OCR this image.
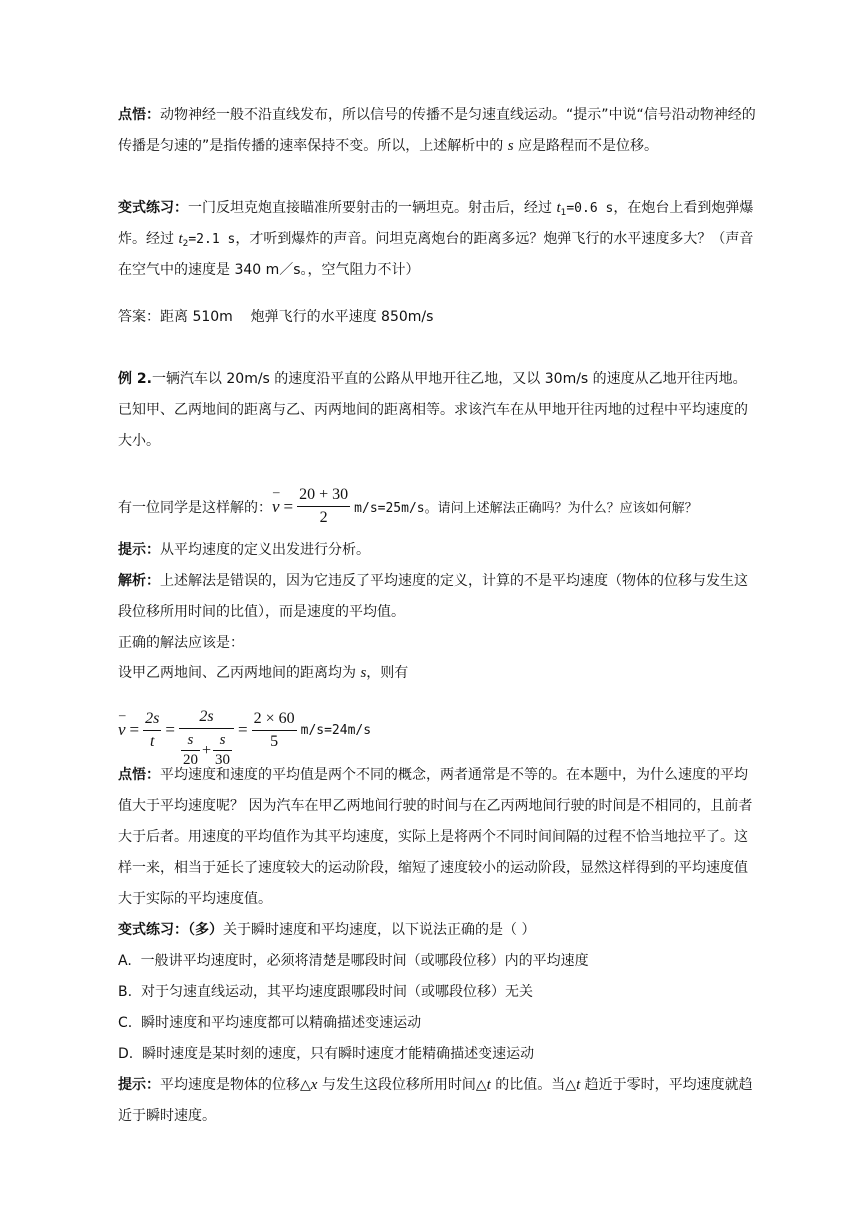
点悟：动物神经一般不沿直线发布，所以信号的传播不是匀速直线运动。“提示”中说“信号沿动物神经的传播是匀速的”是指传播的速率保持不变。所以，上述解析中的 s 应是路程而不是位移。

变式练习：一门反坦克炮直接瞄准所要射击的一辆坦克。射击后，经过 $t_1=0.6$ s，在炮台上看到炮弹爆炸。经过 $t_2=2.1$ s，才听到爆炸的声音。问坦克离炮台的距离多远？炮弹飞行的水平速度多大？（声音在空气中的速度是 340 m／s。，空气阻力不计）

答案：距离 510m    炮弹飞行的水平速度 850m/s

例 2.一辆汽车以 20m/s 的速度沿平直的公路从甲地开往乙地，又以 30m/s 的速度从乙地开往丙地。已知甲、乙两地间的距离与乙、丙两地间的距离相等。求该汽车在从甲地开往丙地的过程中平均速度的大小。

有一位同学是这样解的：
– $v = \frac{20 + 30}{2} m/s=25m/s$。请问上述解法正确吗？为什么？应该如何解？

提示：从平均速度的定义出发进行分析。

解析：上述解法是错误的，因为它违反了平均速度的定义，计算的不是平均速度（物体的位移与发生这段位移所用时间的比值），而是速度的平均值。

正确的解法应该是：

设甲乙两地间、乙丙两地间的距离均为 s，则有

– $v = \frac{2s}{t}$ =
2s
$\frac{s}{20} + \frac{s}{30}$
= $\frac{2 \times 60}{5} m/s=24m/s$

点悟：平均速度和速度的平均值是两个不同的概念，两者通常是不等的。在本题中，为什么速度的平均值大于平均速度呢？ 因为汽车在甲乙两地间行驶的时间与在乙丙两地间行驶的时间是不相同的，且前者大于后者。用速度的平均值作为其平均速度，实际上是将两个不同时间间隔的过程不恰当地拉平了。这样一来，相当于延长了速度较大的运动阶段，缩短了速度较小的运动阶段，显然这样得到的平均速度值大于实际的平均速度值。

变式练习：（多）关于瞬时速度和平均速度，以下说法正确的是（ ）

A.  一般讲平均速度时，必须将清楚是哪段时间（或哪段位移）内的平均速度

B.  对于匀速直线运动，其平均速度跟哪段时间（或哪段位移）无关

C.  瞬时速度和平均速度都可以精确描述变速运动

D.  瞬时速度是某时刻的速度，只有瞬时速度才能精确描述变速运动

提示：平均速度是物体的位移△x 与发生这段位移所用时间△t 的比值。当△t 趋近于零时，平均速度就趋近于瞬时速度。
